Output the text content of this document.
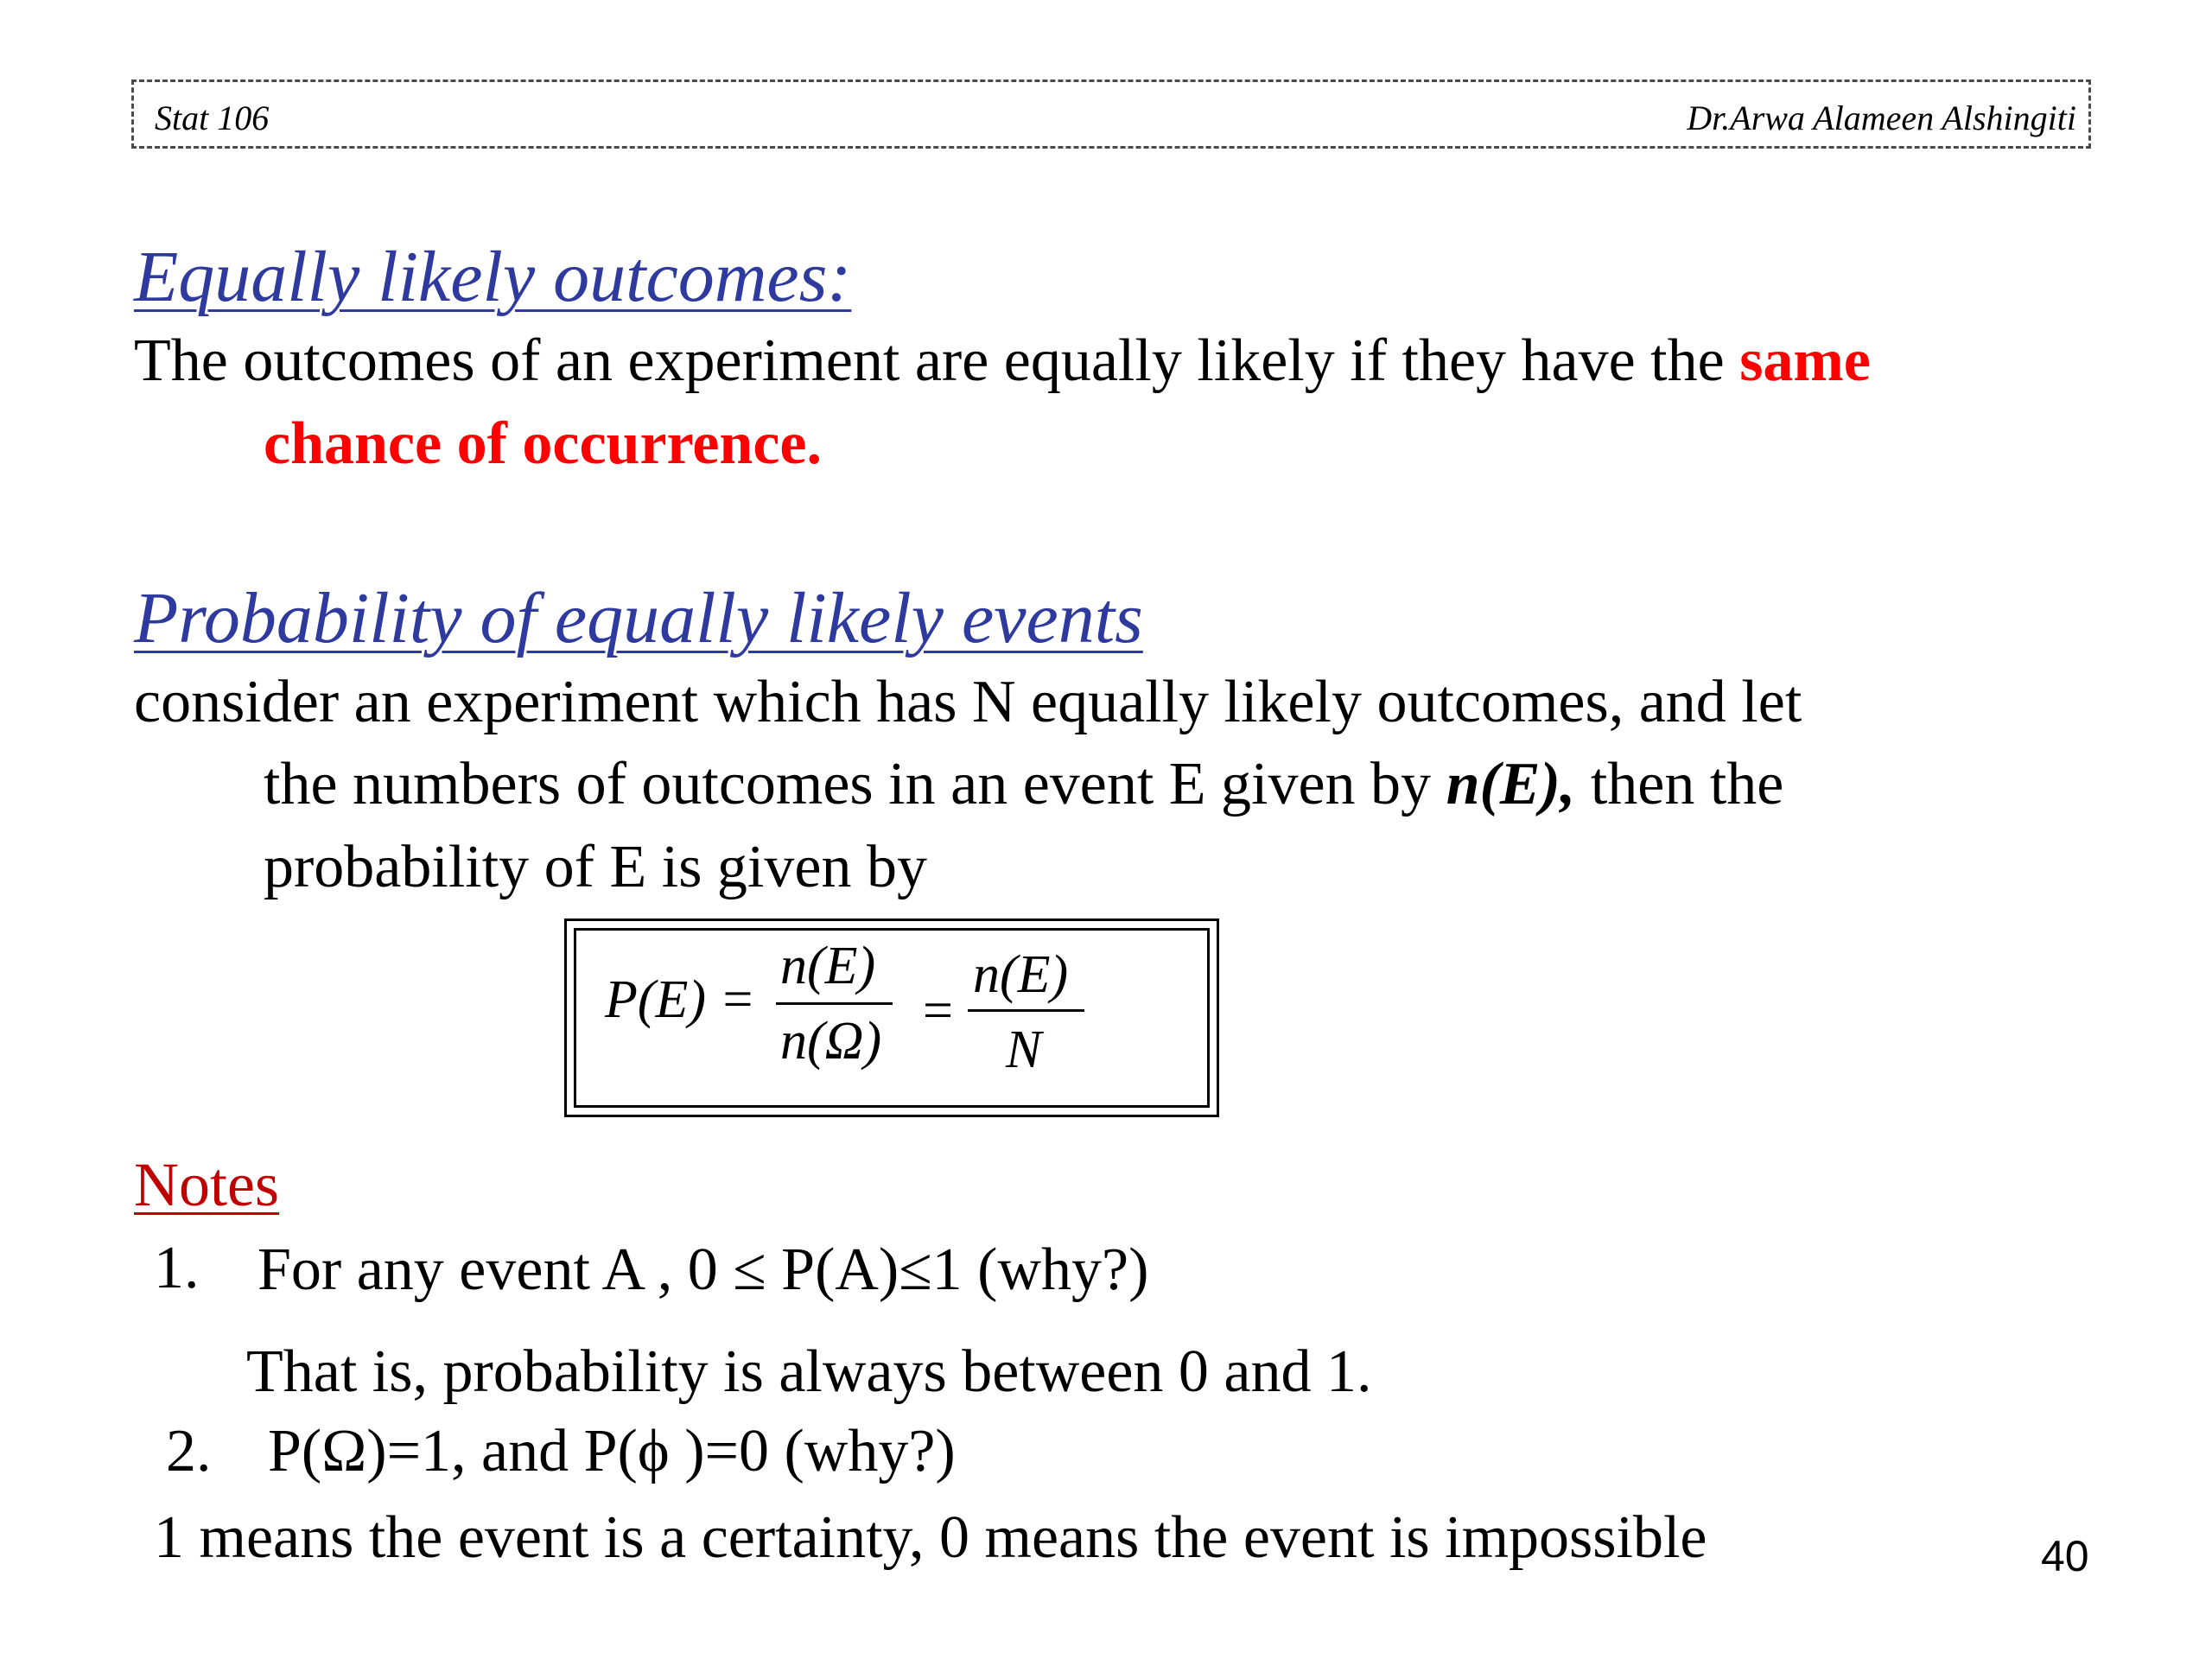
Stat 106	Dr.Arwa Alameen Alshingiti
Equally likely outcomes:
The outcomes of an experiment are equally likely if they have the same
chance of occurrence.
Probability of equally likely events
consider an experiment which has N equally likely outcomes, and let
the numbers of outcomes in an event E given by n(E), then the
probability of E is given by
P(E) =
n(E)
n(Ω)
=
n(E)
N
Notes
1. For any event A , 0 ≤ P(A)≤1 (why?)
That is, probability is always between 0 and 1.
2. P(Ω)=1, and P(ϕ )=0 (why?)
1 means the event is a certainty, 0 means the event is impossible	40
